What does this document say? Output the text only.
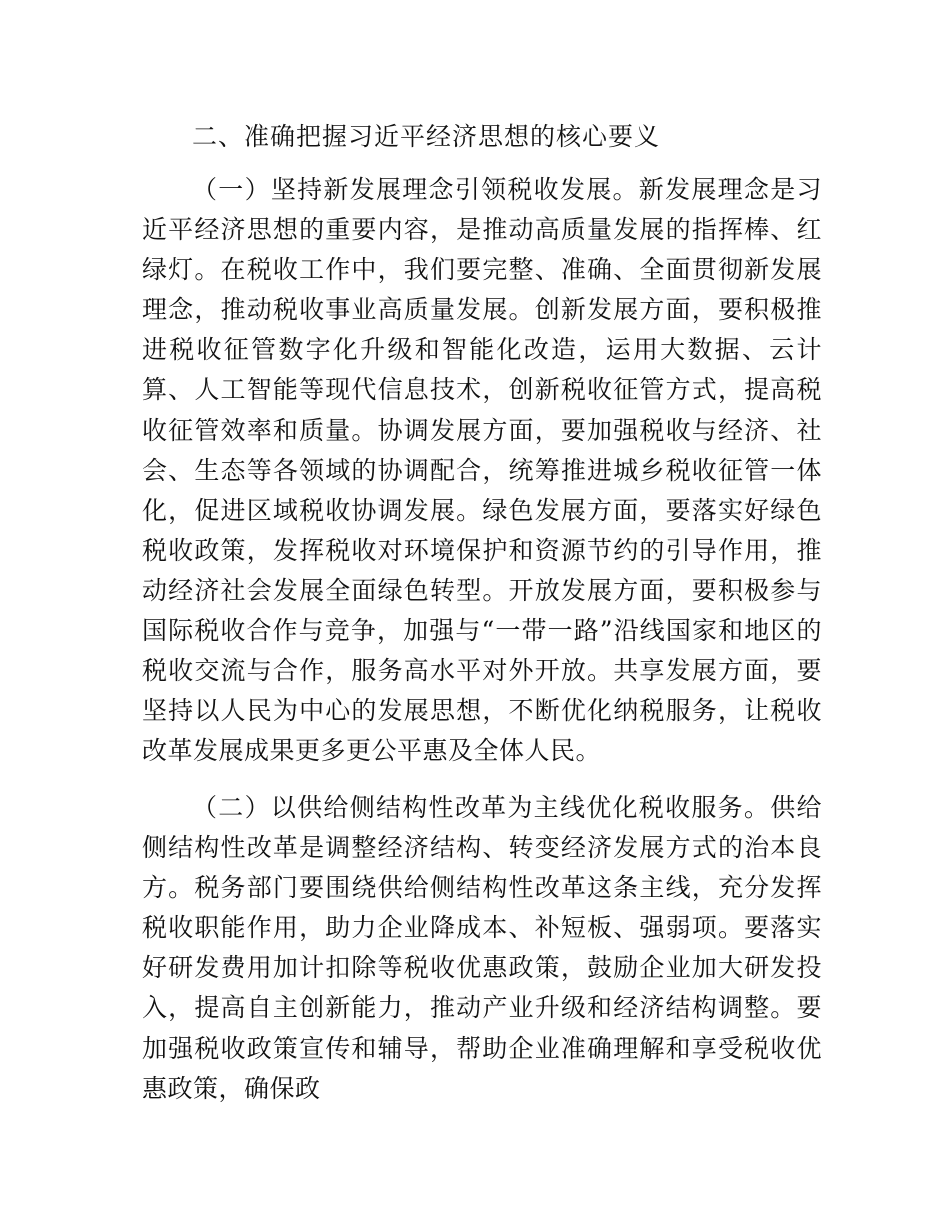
二、准确把握习近平经济思想的核心要义

（一）坚持新发展理念引领税收发展。新发展理念是习近平经济思想的重要内容，是推动高质量发展的指挥棒、红绿灯。在税收工作中，我们要完整、准确、全面贯彻新发展理念，推动税收事业高质量发展。创新发展方面，要积极推进税收征管数字化升级和智能化改造，运用大数据、云计算、人工智能等现代信息技术，创新税收征管方式，提高税收征管效率和质量。协调发展方面，要加强税收与经济、社会、生态等各领域的协调配合，统筹推进城乡税收征管一体化，促进区域税收协调发展。绿色发展方面，要落实好绿色税收政策，发挥税收对环境保护和资源节约的引导作用，推动经济社会发展全面绿色转型。开放发展方面，要积极参与国际税收合作与竞争，加强与“一带一路”沿线国家和地区的税收交流与合作，服务高水平对外开放。共享发展方面，要坚持以人民为中心的发展思想，不断优化纳税服务，让税收改革发展成果更多更公平惠及全体人民。

（二）以供给侧结构性改革为主线优化税收服务。供给侧结构性改革是调整经济结构、转变经济发展方式的治本良方。税务部门要围绕供给侧结构性改革这条主线，充分发挥税收职能作用，助力企业降成本、补短板、强弱项。要落实好研发费用加计扣除等税收优惠政策，鼓励企业加大研发投入，提高自主创新能力，推动产业升级和经济结构调整。要加强税收政策宣传和辅导，帮助企业准确理解和享受税收优惠政策，确保政
